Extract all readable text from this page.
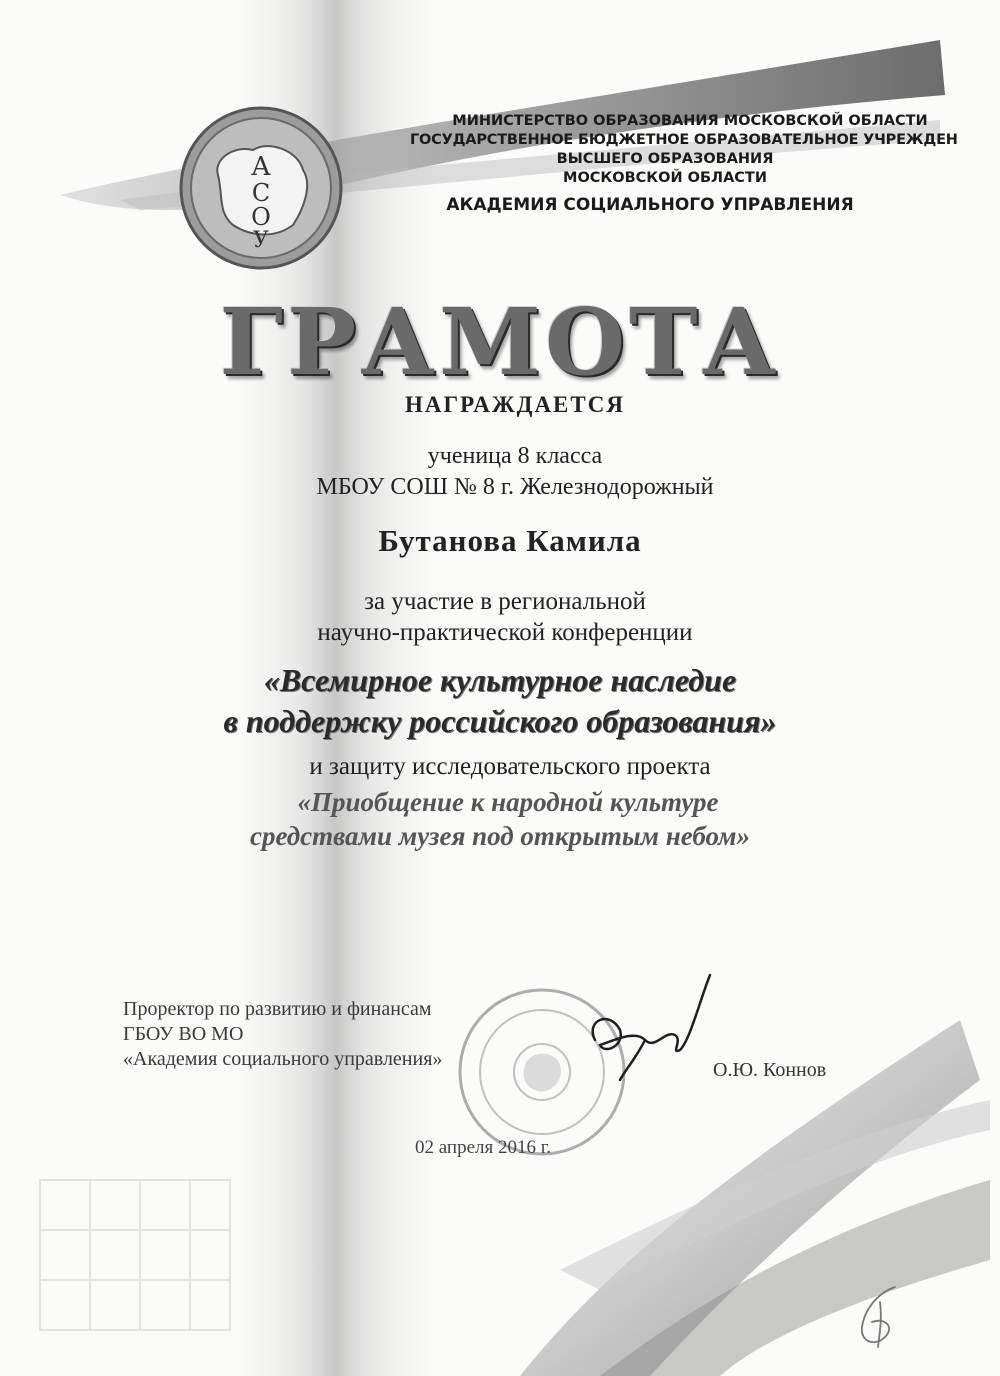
А
С
О
У
МИНИСТЕРСТВО ОБРАЗОВАНИЯ МОСКОВСКОЙ ОБЛАСТИ
ГОСУДАРСТВЕННОЕ БЮДЖЕТНОЕ ОБРАЗОВАТЕЛЬНОЕ УЧРЕЖДЕН
ВЫСШЕГО ОБРАЗОВАНИЯ
МОСКОВСКОЙ ОБЛАСТИ
АКАДЕМИЯ СОЦИАЛЬНОГО УПРАВЛЕНИЯ
ГРАМОТА
НАГРАЖДАЕТСЯ
ученица 8 класса
МБОУ СОШ № 8 г. Железнодорожный
Бутанова Камила
за участие в региональной
научно-практической конференции
«Всемирное культурное наследие
в поддержку российского образования»
и защиту исследовательского проекта
«Приобщение к народной культуре
средствами музея под открытым небом»
Проректор по развитию и финансам
ГБОУ ВО МО
«Академия социального управления»	О.Ю. Коннов
02 апреля 2016 г.
